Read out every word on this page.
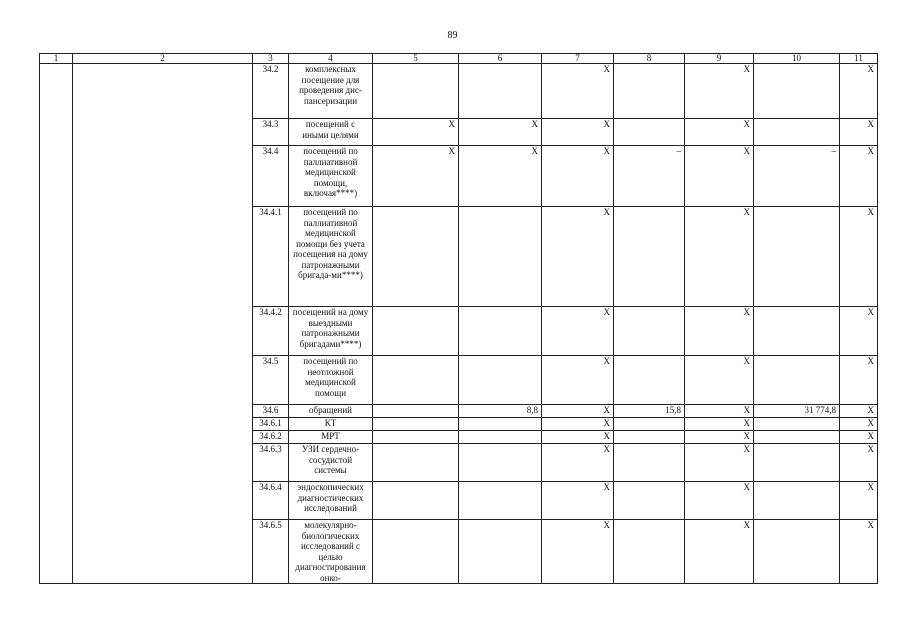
89
1	2	3	4	5	6	7	8	9	10	11
		34.2	комплексных посещение для проведения дис-пансеризации			X		X		X
		34.3	посещений с иными целями	X	X	X		X		X
		34.4	посещений по паллиативной медицинской помощи, включая****)	X	X	X	–	X	–	X
		34.4.1	посещений по паллиативной медицинской помощи без учета посещения на дому патронажными бригада-ми****)			X		X		X
		34.4.2	посещений на дому выездными патронажными бригадами****)			X		X		X
		34.5	посещений по неотложной медицинской помощи			X		X		X
		34.6	обращений		8,8	X	15,8	X	31 774,8	X
		34.6.1	КТ			X		X		X
		34.6.2	МРТ			X		X		X
		34.6.3	УЗИ сердечно-сосудистой системы			X		X		X
		34.6.4	эндоскопических диагностических исследований			X		X		X
		34.6.5	молекулярно-биологических исследований с целью диагностирования онко-			X		X		X
